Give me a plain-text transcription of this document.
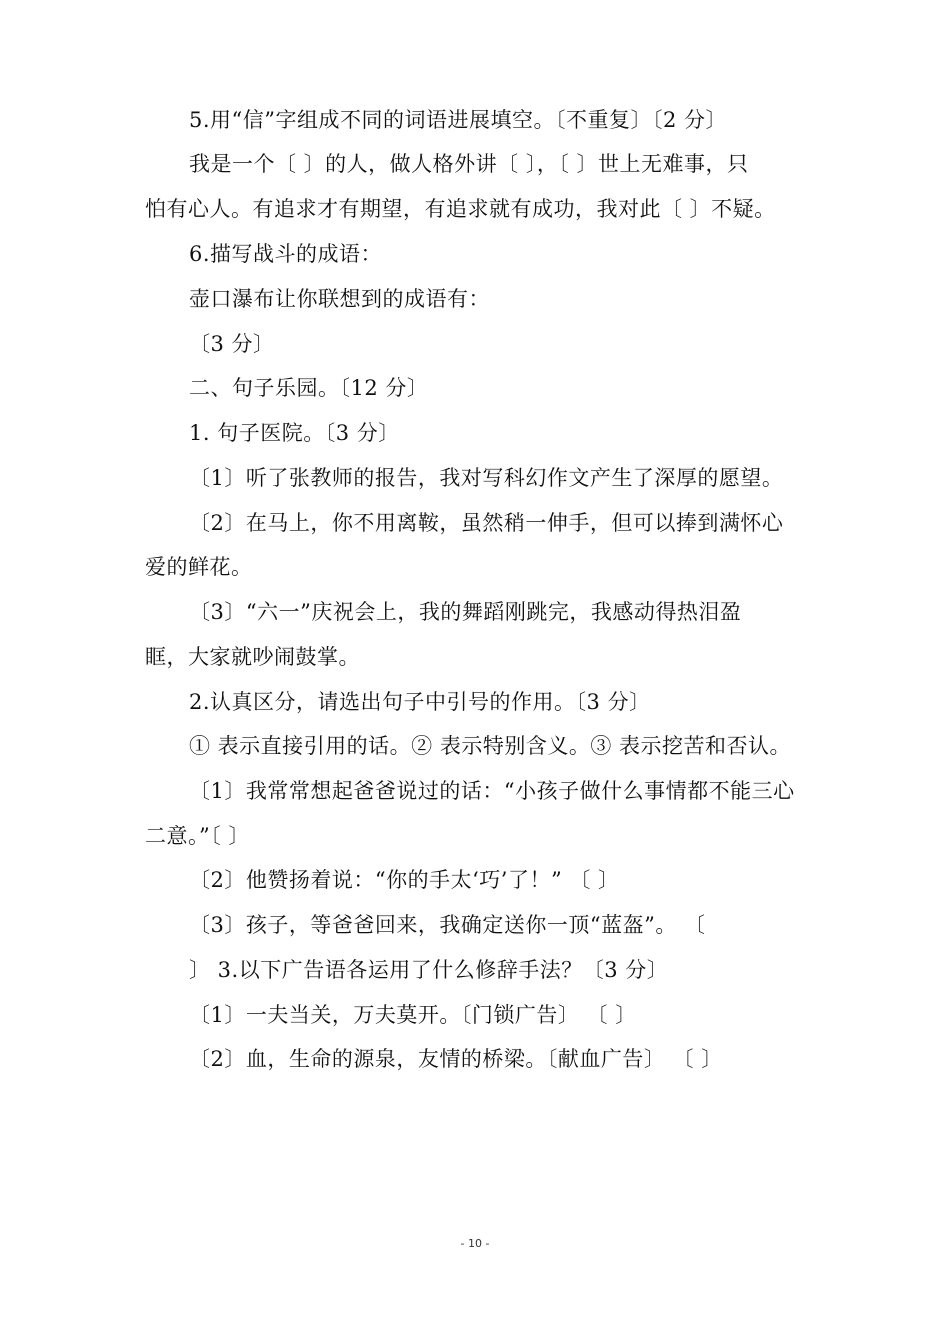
5.用“信”字组成不同的词语进展填空。〔不重复〕〔2 分〕
我是一个〔 〕的人，做人格外讲〔 〕，〔 〕世上无难事，只
怕有心人。有追求才有期望，有追求就有成功，我对此〔 〕不疑。
6.描写战斗的成语：
壶口瀑布让你联想到的成语有：
〔3 分〕
二、句子乐园。〔12 分〕
1. 句子医院。〔3 分〕
〔1〕听了张教师的报告，我对写科幻作文产生了深厚的愿望。
〔2〕在马上，你不用离鞍，虽然稍一伸手，但可以捧到满怀心
爱的鲜花。
〔3〕“六一”庆祝会上，我的舞蹈刚跳完，我感动得热泪盈
眶，大家就吵闹鼓掌。
2.认真区分，请选出句子中引号的作用。〔3 分〕
① 表示直接引用的话。② 表示特别含义。③ 表示挖苦和否认。
〔1〕我常常想起爸爸说过的话：“小孩子做什么事情都不能三心
二意。”〔 〕
〔2〕他赞扬着说：“你的手太‘巧’了！” 〔 〕
〔3〕孩子，等爸爸回来，我确定送你一顶“蓝盔”。 〔
〕 3.以下广告语各运用了什么修辞手法？〔3 分〕
〔1〕一夫当关，万夫莫开。〔门锁广告〕 〔 〕
〔2〕血，生命的源泉，友情的桥梁。〔献血广告〕 〔 〕
- 10 -
